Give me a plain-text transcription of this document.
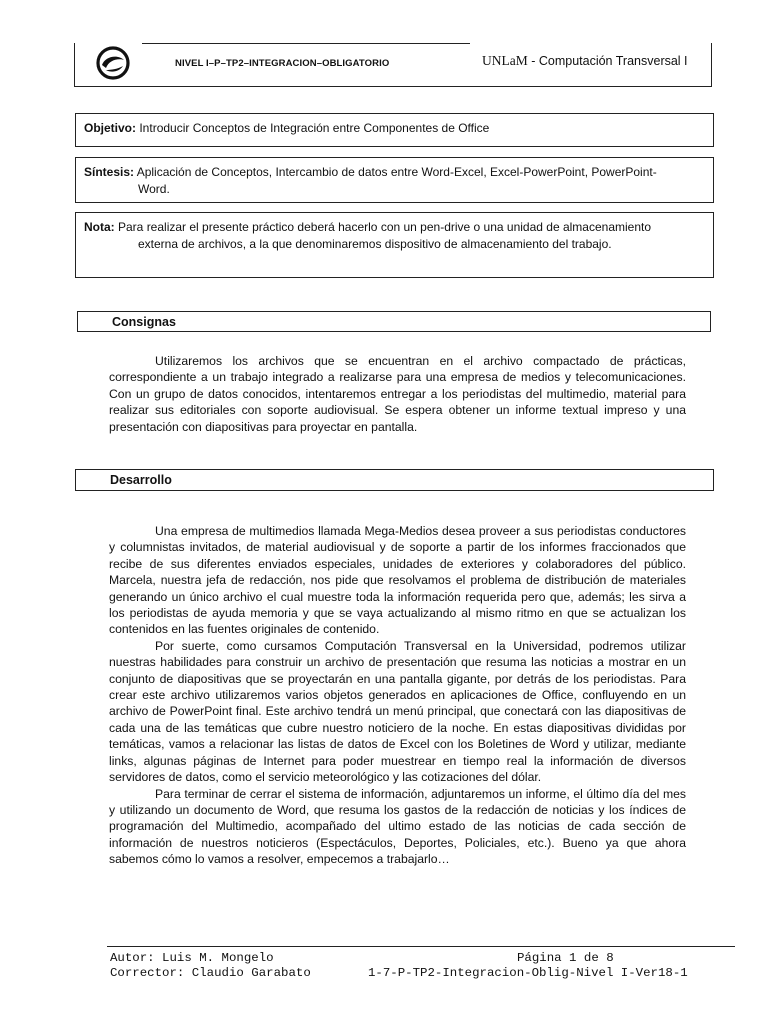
NIVEL I–P–TP2–INTEGRACION–OBLIGATORIO	UNLaM - Computación Transversal I
Objetivo: Introducir Conceptos de Integración entre Componentes de Office
Síntesis: Aplicación de Conceptos, Intercambio de datos entre Word-Excel, Excel-PowerPoint, PowerPoint-
Word.
Nota: Para realizar el presente práctico deberá hacerlo con un pen-drive o una unidad de almacenamiento
externa de archivos, a la que denominaremos dispositivo de almacenamiento del trabajo.
Consignas

Utilizaremos los archivos que se encuentran en el archivo compactado de prácticas, correspondiente a un trabajo integrado a realizarse para una empresa de medios y telecomunicaciones. Con un grupo de datos conocidos, intentaremos entregar a los periodistas del multimedio, material para realizar sus editoriales con soporte audiovisual. Se espera obtener un informe textual impreso y una presentación con diapositivas para proyectar en pantalla.

Desarrollo

Una empresa de multimedios llamada Mega-Medios desea proveer a sus periodistas conductores y columnistas invitados, de material audiovisual y de soporte a partir de los informes fraccionados que recibe de sus diferentes enviados especiales, unidades de exteriores y colaboradores del público. Marcela, nuestra jefa de redacción, nos pide que resolvamos el problema de distribución de materiales generando un único archivo el cual muestre toda la información requerida pero que, además; les sirva a los periodistas de ayuda memoria y que se vaya actualizando al mismo ritmo en que se actualizan los contenidos en las fuentes originales de contenido.

Por suerte, como cursamos Computación Transversal en la Universidad, podremos utilizar nuestras habilidades para construir un archivo de presentación que resuma las noticias a mostrar en un conjunto de diapositivas que se proyectarán en una pantalla gigante, por detrás de los periodistas. Para crear este archivo utilizaremos varios objetos generados en aplicaciones de Office, confluyendo en un archivo de PowerPoint final. Este archivo tendrá un menú principal, que conectará con las diapositivas de cada una de las temáticas que cubre nuestro noticiero de la noche. En estas diapositivas divididas por temáticas, vamos a relacionar las listas de datos de Excel con los Boletines de Word y utilizar, mediante links, algunas páginas de Internet para poder muestrear en tiempo real la información de diversos servidores de datos, como el servicio meteorológico y las cotizaciones del dólar.

Para terminar de cerrar el sistema de información, adjuntaremos un informe, el último día del mes y utilizando un documento de Word, que resuma los gastos de la redacción de noticias y los índices de programación del Multimedio, acompañado del ultimo estado de las noticias de cada sección de información de nuestros noticieros (Espectáculos, Deportes, Policiales, etc.). Bueno ya que ahora sabemos cómo lo vamos a resolver, empecemos a trabajarlo…

Autor: Luis M. Mongelo	Página 1 de 8
Corrector: Claudio Garabato	1-7-P-TP2-Integracion-Oblig-Nivel I-Ver18-1
